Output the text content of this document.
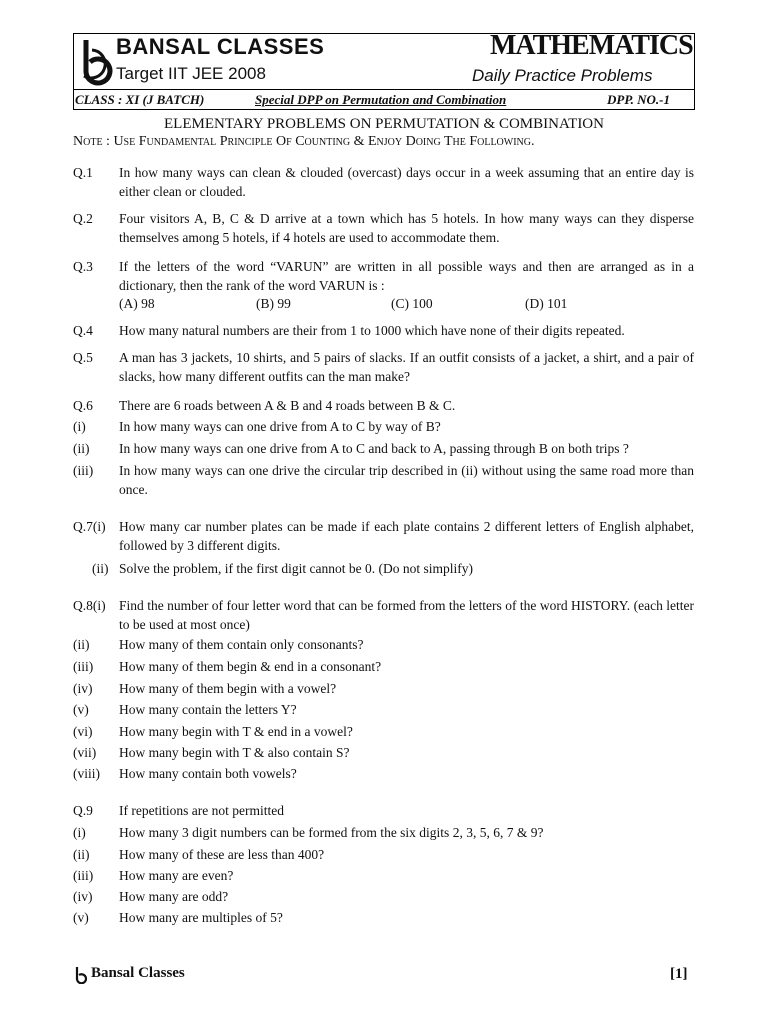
BANSAL CLASSES
Target IIT JEE 2008
MATHEMATICS
Daily Practice Problems
CLASS : XI (J BATCH)	Special DPP on Permutation and Combination	DPP. NO.-1
ELEMENTARY PROBLEMS ON PERMUTATION & COMBINATION
Note : Use Fundamental Principle Of Counting & Enjoy Doing The Following.
Q.1 In how many ways can clean & clouded (overcast) days occur in a week assuming that an entire day is either clean or clouded.
Q.2 Four visitors A, B, C & D arrive at a town which has 5 hotels. In how many ways can they disperse themselves among 5 hotels, if 4 hotels are used to accommodate them.
Q.3 If the letters of the word “VARUN” are written in all possible ways and then are arranged as in a dictionary, then the rank of the word VARUN is :
(A) 98	(B) 99	(C) 100	(D) 101
Q.4 How many natural numbers are their from 1 to 1000 which have none of their digits repeated.
Q.5 A man has 3 jackets, 10 shirts, and 5 pairs of slacks. If an outfit consists of a jacket, a shirt, and a pair of slacks, how many different outfits can the man make?
Q.6 There are 6 roads between A & B and 4 roads between B & C.
(i) In how many ways can one drive from A to C by way of B?
(ii) In how many ways can one drive from A to C and back to A, passing through B on both trips ?
(iii) In how many ways can one drive the circular trip described in (ii) without using the same road more than once.
Q.7(i) How many car number plates can be made if each plate contains 2 different letters of English alphabet, followed by 3 different digits.
(ii) Solve the problem, if the first digit cannot be 0. (Do not simplify)
Q.8(i) Find the number of four letter word that can be formed from the letters of the word HISTORY. (each letter to be used at most once)
(ii) How many of them contain only consonants?
(iii) How many of them begin & end in a consonant?
(iv) How many of them begin with a vowel?
(v) How many contain the letters Y?
(vi) How many begin with T & end in a vowel?
(vii) How many begin with T & also contain S?
(viii) How many contain both vowels?
Q.9 If repetitions are not permitted
(i) How many 3 digit numbers can be formed from the six digits 2, 3, 5, 6, 7 & 9?
(ii) How many of these are less than 400?
(iii) How many are even?
(iv) How many are odd?
(v) How many are multiples of 5?
Bansal Classes	[1]
